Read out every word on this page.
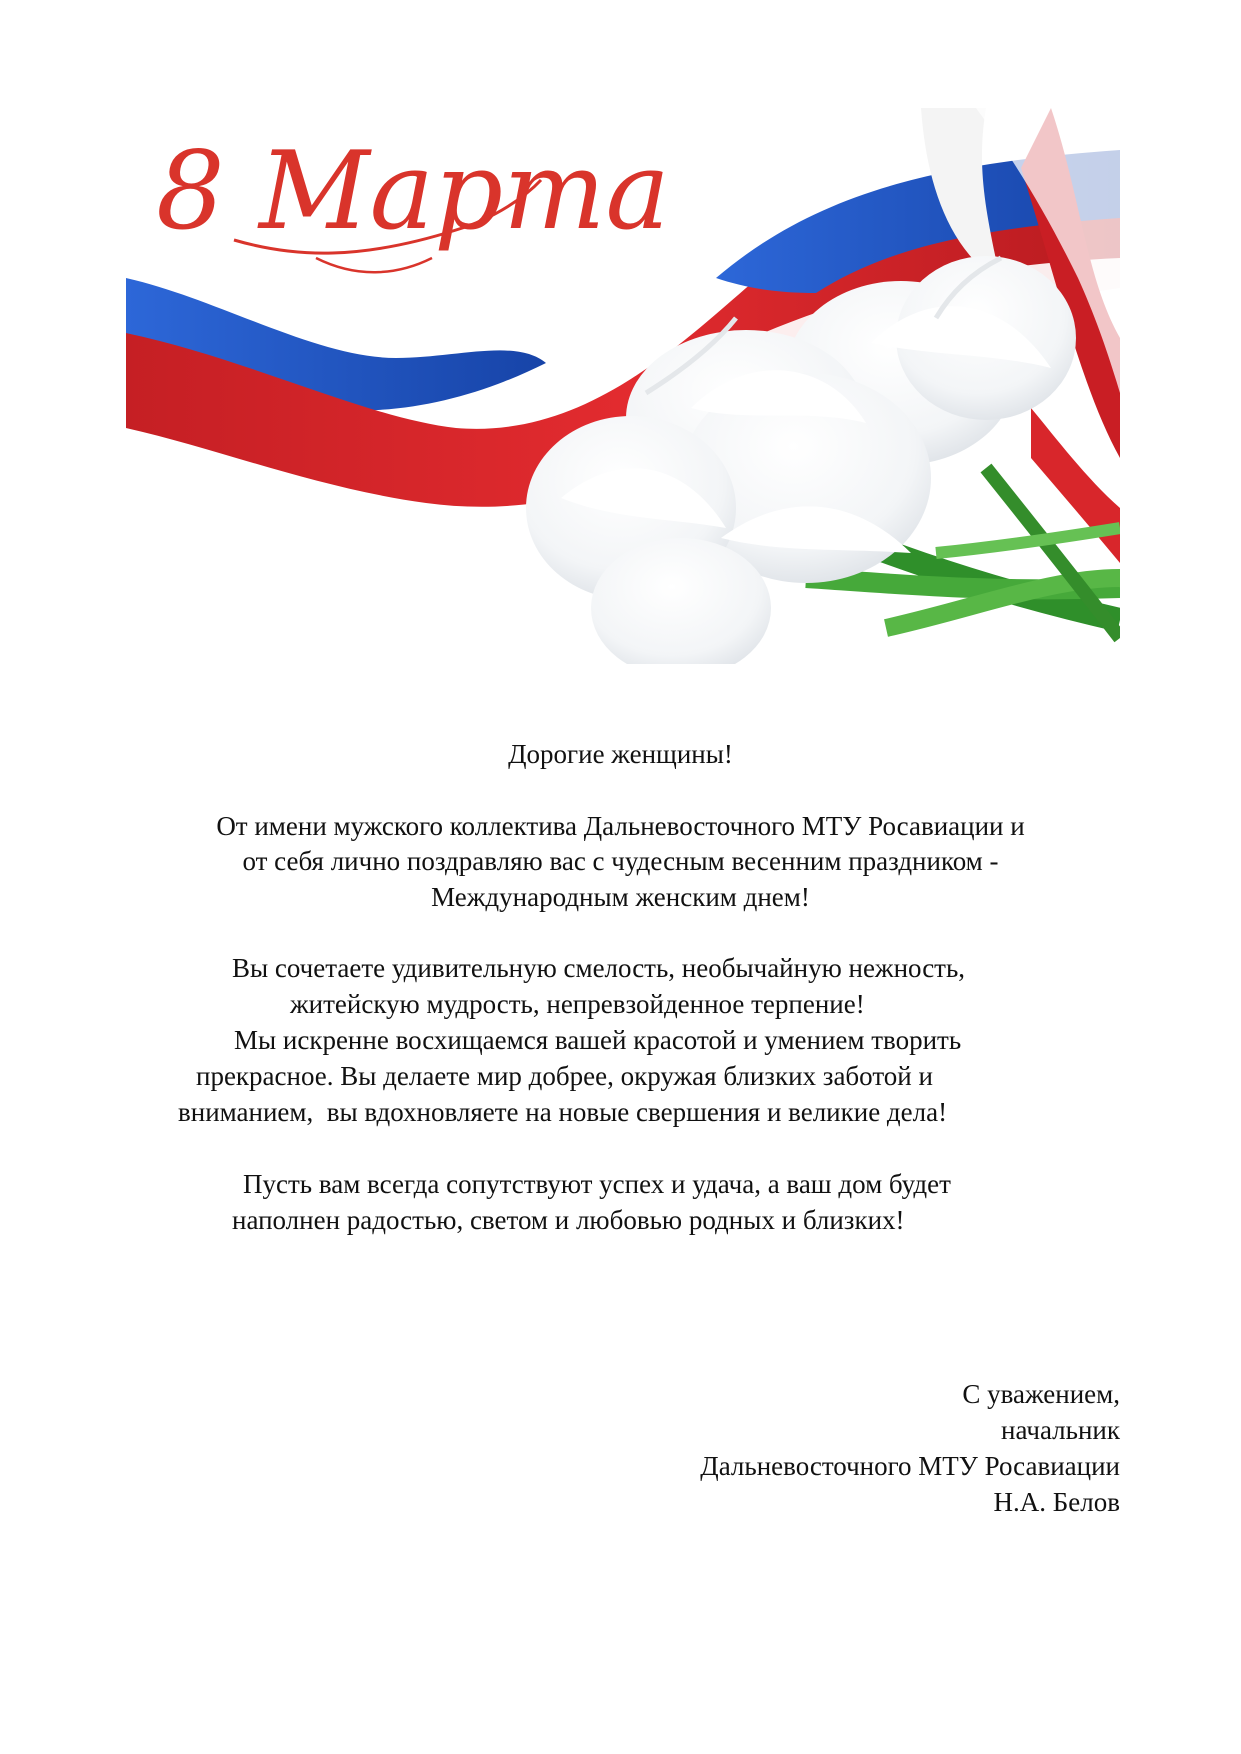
8 Марта
Дорогие женщины!
От имени мужского коллектива Дальневосточного МТУ Росавиации и
от себя лично поздравляю вас с чудесным весенним праздником -
Международным женским днем!
Вы сочетаете удивительную смелость, необычайную нежность,
житейскую мудрость, непревзойденное терпение!
Мы искренне восхищаемся вашей красотой и умением творить
прекрасное. Вы делаете мир добрее, окружая близких заботой и
вниманием,  вы вдохновляете на новые свершения и великие дела!
Пусть вам всегда сопутствуют успех и удача, а ваш дом будет
наполнен радостью, светом и любовью родных и близких!
С уважением,
начальник
Дальневосточного МТУ Росавиации
Н.А. Белов
